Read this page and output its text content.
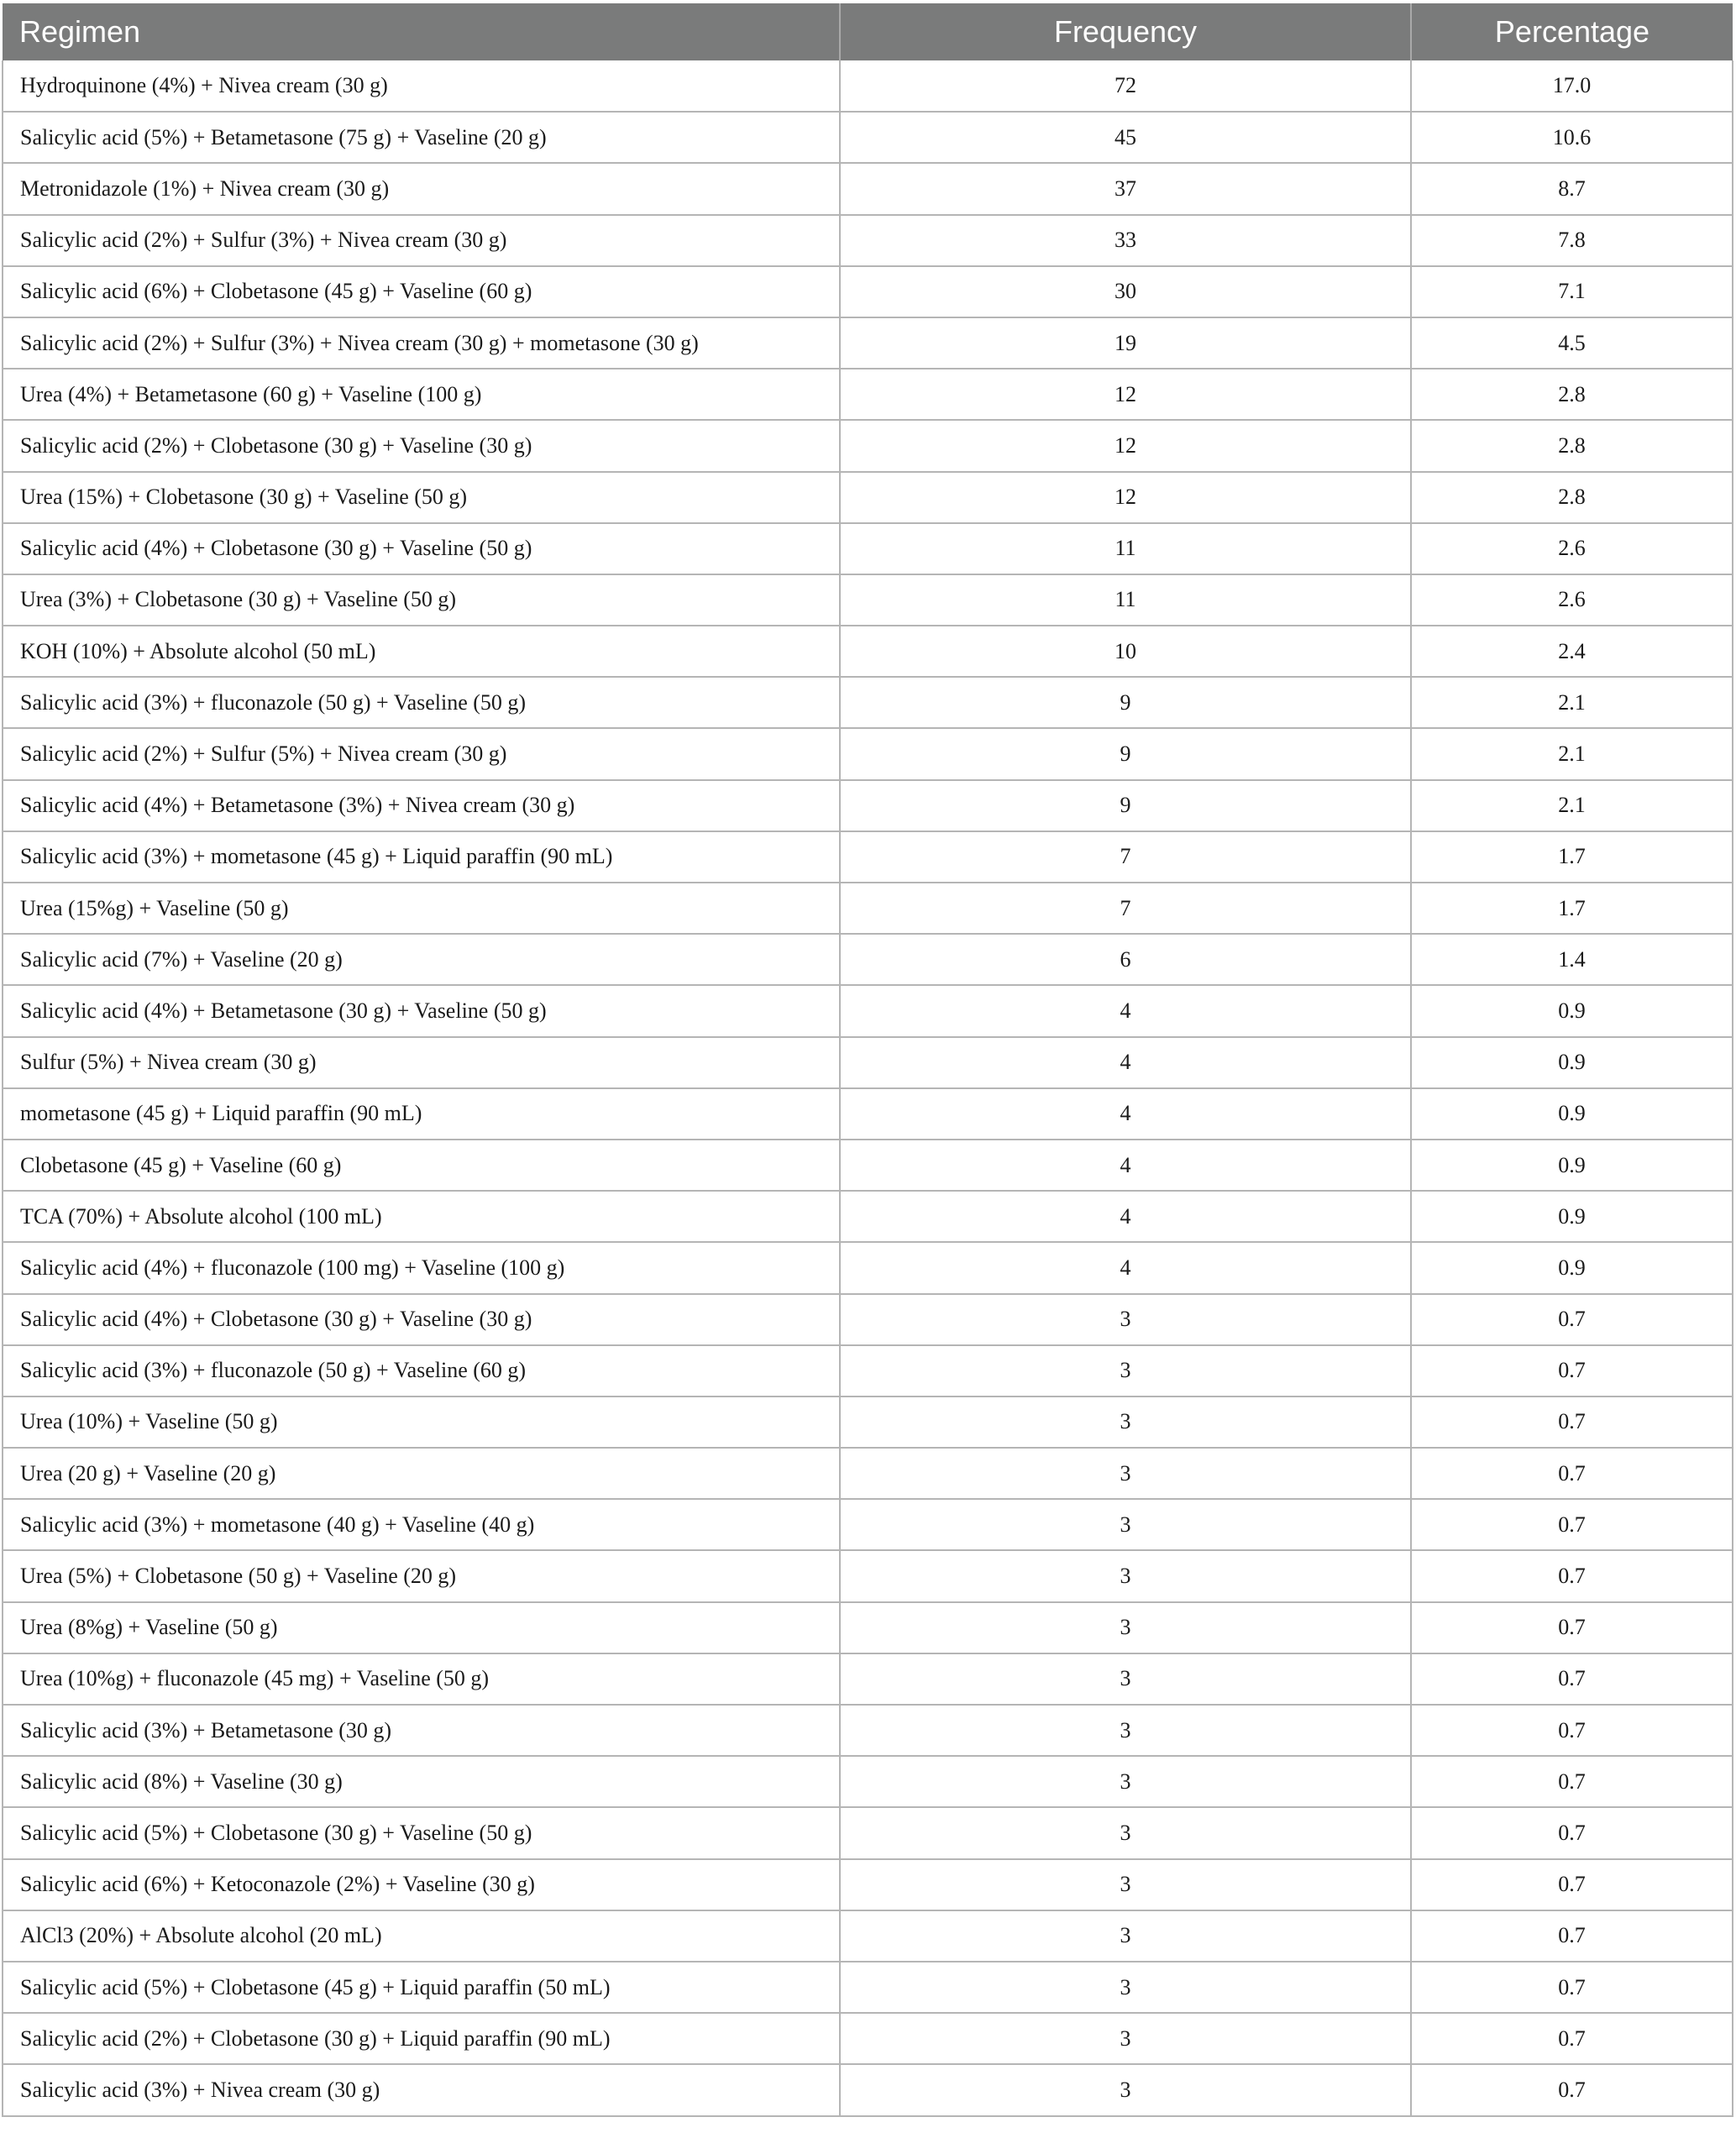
Regimen	Frequency	Percentage
Hydroquinone (4%) + Nivea cream (30 g)	72	17.0
Salicylic acid (5%) + Betametasone (75 g) + Vaseline (20 g)	45	10.6
Metronidazole (1%) + Nivea cream (30 g)	37	8.7
Salicylic acid (2%) + Sulfur (3%) + Nivea cream (30 g)	33	7.8
Salicylic acid (6%) + Clobetasone (45 g) + Vaseline (60 g)	30	7.1
Salicylic acid (2%) + Sulfur (3%) + Nivea cream (30 g) + mometasone (30 g)	19	4.5
Urea (4%) + Betametasone (60 g) + Vaseline (100 g)	12	2.8
Salicylic acid (2%) + Clobetasone (30 g) + Vaseline (30 g)	12	2.8
Urea (15%) + Clobetasone (30 g) + Vaseline (50 g)	12	2.8
Salicylic acid (4%) + Clobetasone (30 g) + Vaseline (50 g)	11	2.6
Urea (3%) + Clobetasone (30 g) + Vaseline (50 g)	11	2.6
KOH (10%) + Absolute alcohol (50 mL)	10	2.4
Salicylic acid (3%) + fluconazole (50 g) + Vaseline (50 g)	9	2.1
Salicylic acid (2%) + Sulfur (5%) + Nivea cream (30 g)	9	2.1
Salicylic acid (4%) + Betametasone (3%) + Nivea cream (30 g)	9	2.1
Salicylic acid (3%) + mometasone (45 g) + Liquid paraffin (90 mL)	7	1.7
Urea (15%g) + Vaseline (50 g)	7	1.7
Salicylic acid (7%) + Vaseline (20 g)	6	1.4
Salicylic acid (4%) + Betametasone (30 g) + Vaseline (50 g)	4	0.9
Sulfur (5%) + Nivea cream (30 g)	4	0.9
mometasone (45 g) + Liquid paraffin (90 mL)	4	0.9
Clobetasone (45 g) + Vaseline (60 g)	4	0.9
TCA (70%) + Absolute alcohol (100 mL)	4	0.9
Salicylic acid (4%) + fluconazole (100 mg) + Vaseline (100 g)	4	0.9
Salicylic acid (4%) + Clobetasone (30 g) + Vaseline (30 g)	3	0.7
Salicylic acid (3%) + fluconazole (50 g) + Vaseline (60 g)	3	0.7
Urea (10%) + Vaseline (50 g)	3	0.7
Urea (20 g) + Vaseline (20 g)	3	0.7
Salicylic acid (3%) + mometasone (40 g) + Vaseline (40 g)	3	0.7
Urea (5%) + Clobetasone (50 g) + Vaseline (20 g)	3	0.7
Urea (8%g) + Vaseline (50 g)	3	0.7
Urea (10%g) + fluconazole (45 mg) + Vaseline (50 g)	3	0.7
Salicylic acid (3%) + Betametasone (30 g)	3	0.7
Salicylic acid (8%) + Vaseline (30 g)	3	0.7
Salicylic acid (5%) + Clobetasone (30 g) + Vaseline (50 g)	3	0.7
Salicylic acid (6%) + Ketoconazole (2%) + Vaseline (30 g)	3	0.7
AlCl3 (20%) + Absolute alcohol (20 mL)	3	0.7
Salicylic acid (5%) + Clobetasone (45 g) + Liquid paraffin (50 mL)	3	0.7
Salicylic acid (2%) + Clobetasone (30 g) + Liquid paraffin (90 mL)	3	0.7
Salicylic acid (3%) + Nivea cream (30 g)	3	0.7
